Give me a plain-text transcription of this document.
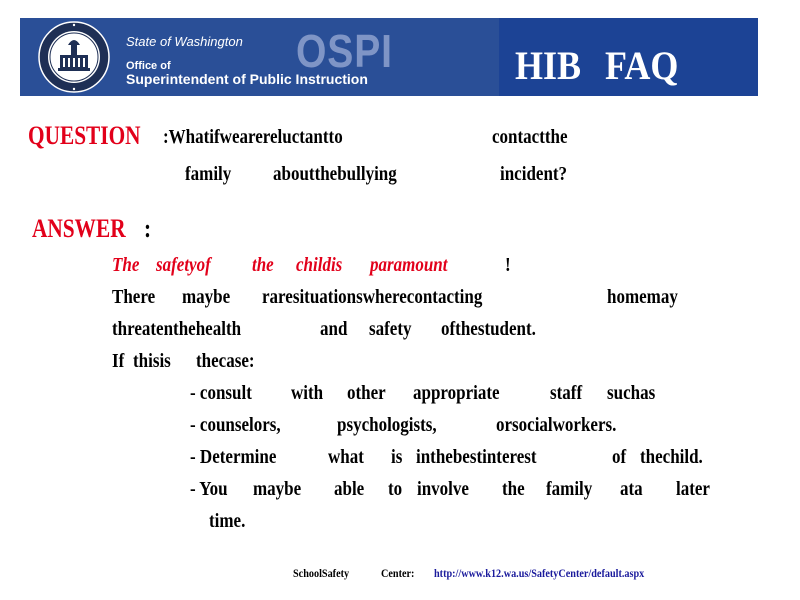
State of Washington
Office of
Superintendent of Public Instruction
OSPI	HIB FAQ
QUESTION :Whatifwearereluctantto	contactthe
family aboutthebullying	incident?
ANSWER :
The safetyof the childis paramount	!
There maybe raresituationswherecontacting	homemay
threatenthehealth	and safety ofthestudent.
If thisis thecase:
- consult with other appropriate	staff suchas
- counselors,	psychologists,	orsocialworkers.
- Determine	what is inthebestinterest	of thechild.
- You maybe able to involve the family ata later
time.
SchoolSafety	Center: http://www.k12.wa.us/SafetyCenter/default.aspx
